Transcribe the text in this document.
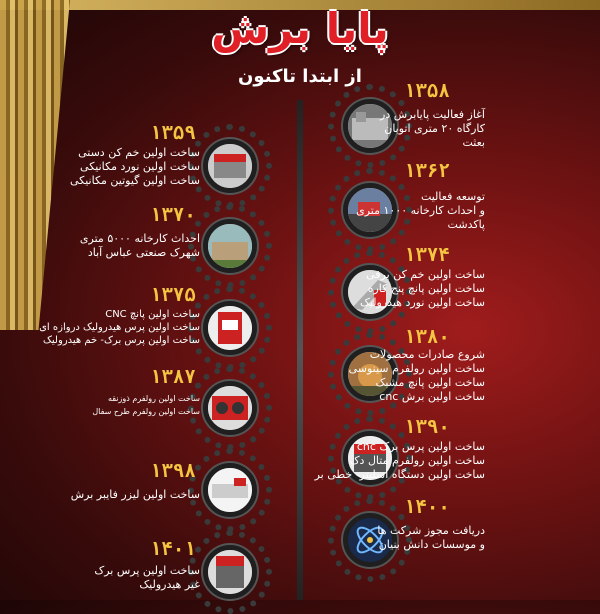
پایا برش
از ابتدا تاکنون
۱۳۵۸
آغاز فعالیت پایابرش در
کارگاه ۲۰ متری اتوبان
بعثت
۱۳۶۲
توسعه فعالیت
و احداث کارخانه ۱۰۰۰ متری
پاکدشت
۱۳۷۴
ساخت اولین خم کن برقی
ساخت اولین پانچ پنج کاره
ساخت اولین نورد هیدرولیک
۱۳۸۰
شروع صادرات محصولات
ساخت اولین رولفرم سینوسی
ساخت اولین پانچ مشبک
ساخت اولین برش cnc
۱۳۹۰
ساخت اولین پرس برک cnc
ساخت اولین رولفرم متال دک
ساخت اولین دستگاه اسلیتر- خطی بر
۱۴۰۰
دریافت مجوز شرکت ها
و موسسات دانش بنیان
۱۳۵۹
ساخت اولین خم کن دستی
ساخت اولین نورد مکانیکی
ساخت اولین گیوتین مکانیکی
۱۳۷۰
احداث کارخانه ۵۰۰۰ متری
شهرک صنعتی عباس آباد
۱۳۷۵
ساخت اولین پانچ CNC
ساخت اولین پرس هیدرولیک دروازه ای
ساخت اولین پرس برک- خم هیدرولیک
۱۳۸۷
ساخت اولین رولفرم ذوزنقه
ساخت اولین رولفرم طرح سفال
۱۳۹۸
ساخت اولین لیزر فایبر برش
۱۴۰۱
ساخت اولین پرس برک
غیر هیدرولیک
